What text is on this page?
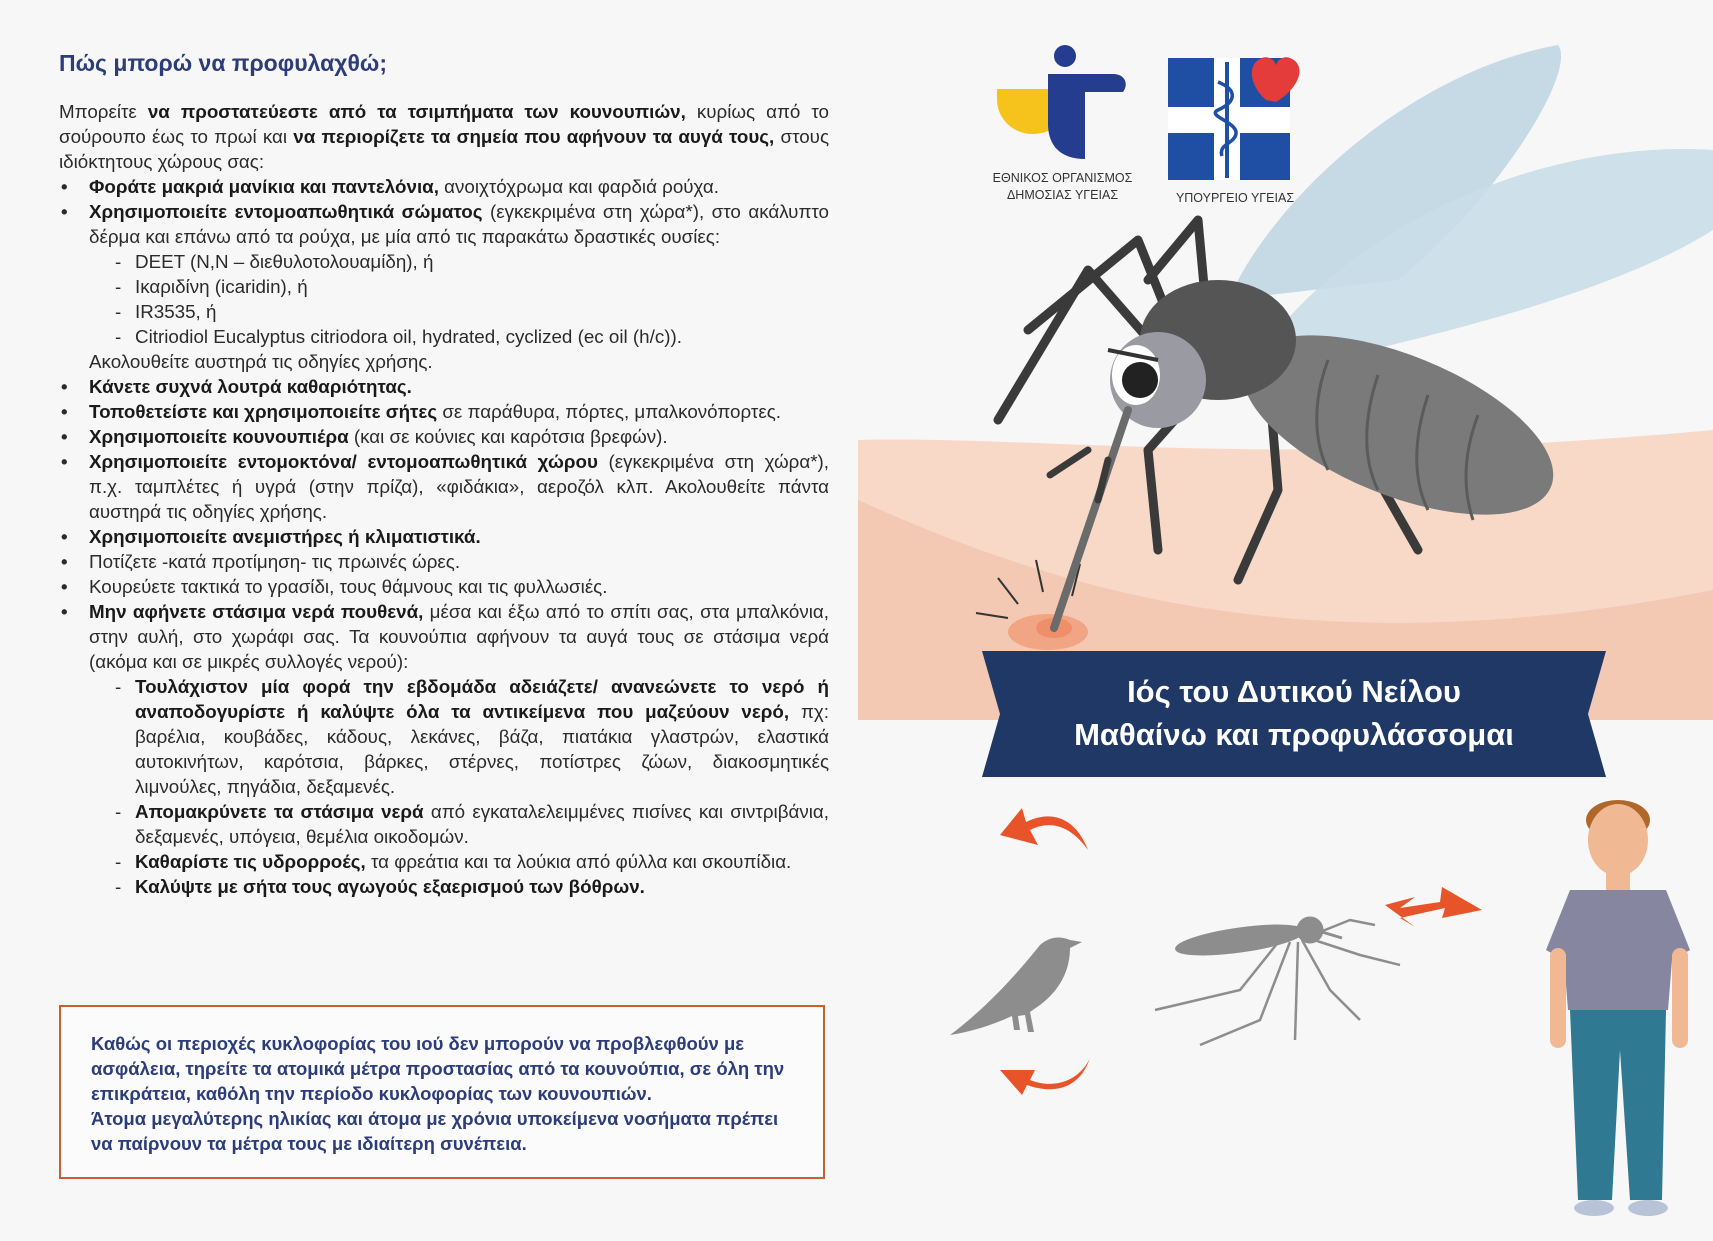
Πώς μπορώ να προφυλαχθώ;

Μπορείτε να προστατεύεστε από τα τσιμπήματα των κουνουπιών, κυρίως από το σούρουπο έως το πρωί και να περιορίζετε τα σημεία που αφήνουν τα αυγά τους, στους ιδιόκτητους χώρους σας:

• Φοράτε μακριά μανίκια και παντελόνια, ανοιχτόχρωμα και φαρδιά ρούχα.
• Χρησιμοποιείτε εντομοαπωθητικά σώματος (εγκεκριμένα στη χώρα*), στο ακάλυπτο δέρμα και επάνω από τα ρούχα, με μία από τις παρακάτω δραστικές ουσίες:
- DEET (N,N – διεθυλοτολουαμίδη), ή
- Ικαριδίνη (icaridin), ή
- IR3535, ή
- Citriodiol Eucalyptus citriodora oil, hydrated, cyclized (ec oil (h/c)).
Ακολουθείτε αυστηρά τις οδηγίες χρήσης.
• Κάνετε συχνά λουτρά καθαριότητας.
• Τοποθετείστε και χρησιμοποιείτε σήτες σε παράθυρα, πόρτες, μπαλκονόπορτες.
• Χρησιμοποιείτε κουνουπιέρα (και σε κούνιες και καρότσια βρεφών).
• Χρησιμοποιείτε εντομοκτόνα/ εντομοαπωθητικά χώρου (εγκεκριμένα στη χώρα*), π.χ. ταμπλέτες ή υγρά (στην πρίζα), «φιδάκια», αεροζόλ κλπ. Ακολουθείτε πάντα αυστηρά τις οδηγίες χρήσης.
• Χρησιμοποιείτε ανεμιστήρες ή κλιματιστικά.
• Ποτίζετε -κατά προτίμηση- τις πρωινές ώρες.
• Κουρεύετε τακτικά το γρασίδι, τους θάμνους και τις φυλλωσιές.
• Μην αφήνετε στάσιμα νερά πουθενά, μέσα και έξω από το σπίτι σας, στα μπαλκόνια, στην αυλή, στο χωράφι σας. Τα κουνούπια αφήνουν τα αυγά τους σε στάσιμα νερά (ακόμα και σε μικρές συλλογές νερού):
- Τουλάχιστον μία φορά την εβδομάδα αδειάζετε/ ανανεώνετε το νερό ή αναποδογυρίστε ή καλύψτε όλα τα αντικείμενα που μαζεύουν νερό, πχ: βαρέλια, κουβάδες, κάδους, λεκάνες, βάζα, πιατάκια γλαστρών, ελαστικά αυτοκινήτων, καρότσια, βάρκες, στέρνες, ποτίστρες ζώων, διακοσμητικές λιμνούλες, πηγάδια, δεξαμενές.
- Απομακρύνετε τα στάσιμα νερά από εγκαταλελειμμένες πισίνες και σιντριβάνια, δεξαμενές, υπόγεια, θεμέλια οικοδομών.
- Καθαρίστε τις υδρορροές, τα φρεάτια και τα λούκια από φύλλα και σκουπίδια.
- Καλύψτε με σήτα τους αγωγούς εξαερισμού των βόθρων.

Καθώς οι περιοχές κυκλοφορίας του ιού δεν μπορούν να προβλεφθούν με ασφάλεια, τηρείτε τα ατομικά μέτρα προστασίας από τα κουνούπια, σε όλη την επικράτεια, καθόλη την περίοδο κυκλοφορίας των κουνουπιών.
Άτομα μεγαλύτερης ηλικίας και άτομα με χρόνια υποκείμενα νοσήματα πρέπει να παίρνουν τα μέτρα τους με ιδιαίτερη συνέπεια.

ΕΘΝΙΚΟΣ ΟΡΓΑΝΙΣΜΟΣ
ΔΗΜΟΣΙΑΣ ΥΓΕΙΑΣ	ΥΠΟΥΡΓΕΙΟ ΥΓΕΙΑΣ
Ιός του Δυτικού Νείλου
Μαθαίνω και προφυλάσσομαι
